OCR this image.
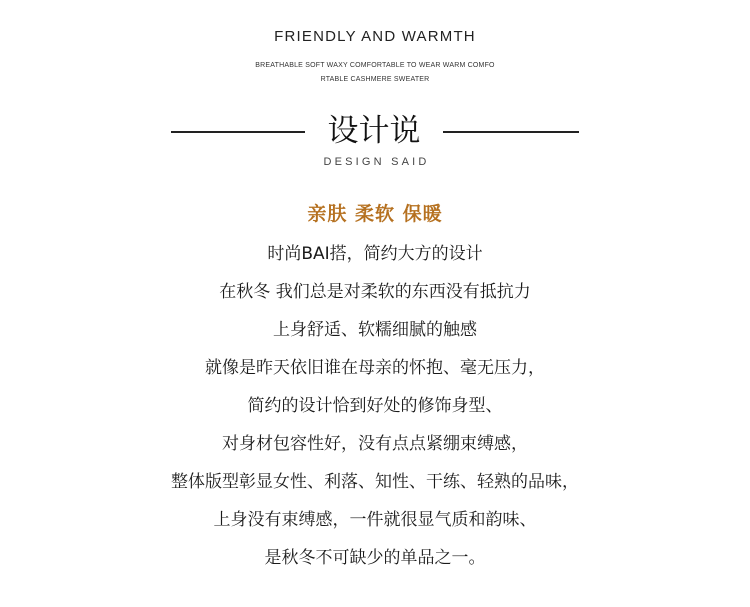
FRIENDLY AND WARMTH
BREATHABLE SOFT WAXY COMFORTABLE TO WEAR WARM COMFO
RTABLE CASHMERE SWEATER
设计说
DESIGN SAID
亲肤 柔软 保暖
时尚BAI搭，简约大方的设计
在秋冬 我们总是对柔软的东西没有抵抗力
上身舒适、软糯细腻的触感
就像是昨天依旧谁在母亲的怀抱、毫无压力，
简约的设计恰到好处的修饰身型、
对身材包容性好，没有点点紧绷束缚感，
整体版型彰显女性、利落、知性、干练、轻熟的品味，
上身没有束缚感，一件就很显气质和韵味、
是秋冬不可缺少的单品之一。
